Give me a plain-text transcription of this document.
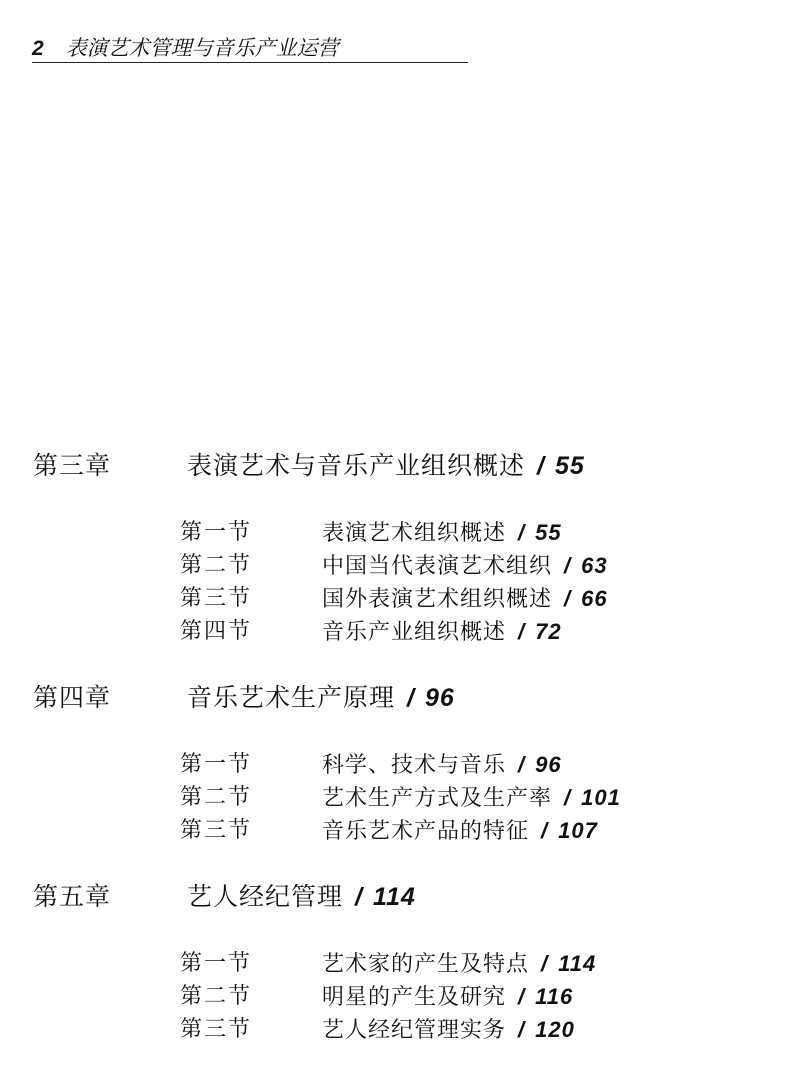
2 表演艺术管理与音乐产业运营
第三章	表演艺术与音乐产业组织概述 / 55
第一节	表演艺术组织概述 / 55
第二节	中国当代表演艺术组织 / 63
第三节	国外表演艺术组织概述 / 66
第四节	音乐产业组织概述 / 72
第四章	音乐艺术生产原理 / 96
第一节	科学、技术与音乐 / 96
第二节	艺术生产方式及生产率 / 101
第三节	音乐艺术产品的特征 / 107
第五章	艺人经纪管理 / 114
第一节	艺术家的产生及特点 / 114
第二节	明星的产生及研究 / 116
第三节	艺人经纪管理实务 / 120
